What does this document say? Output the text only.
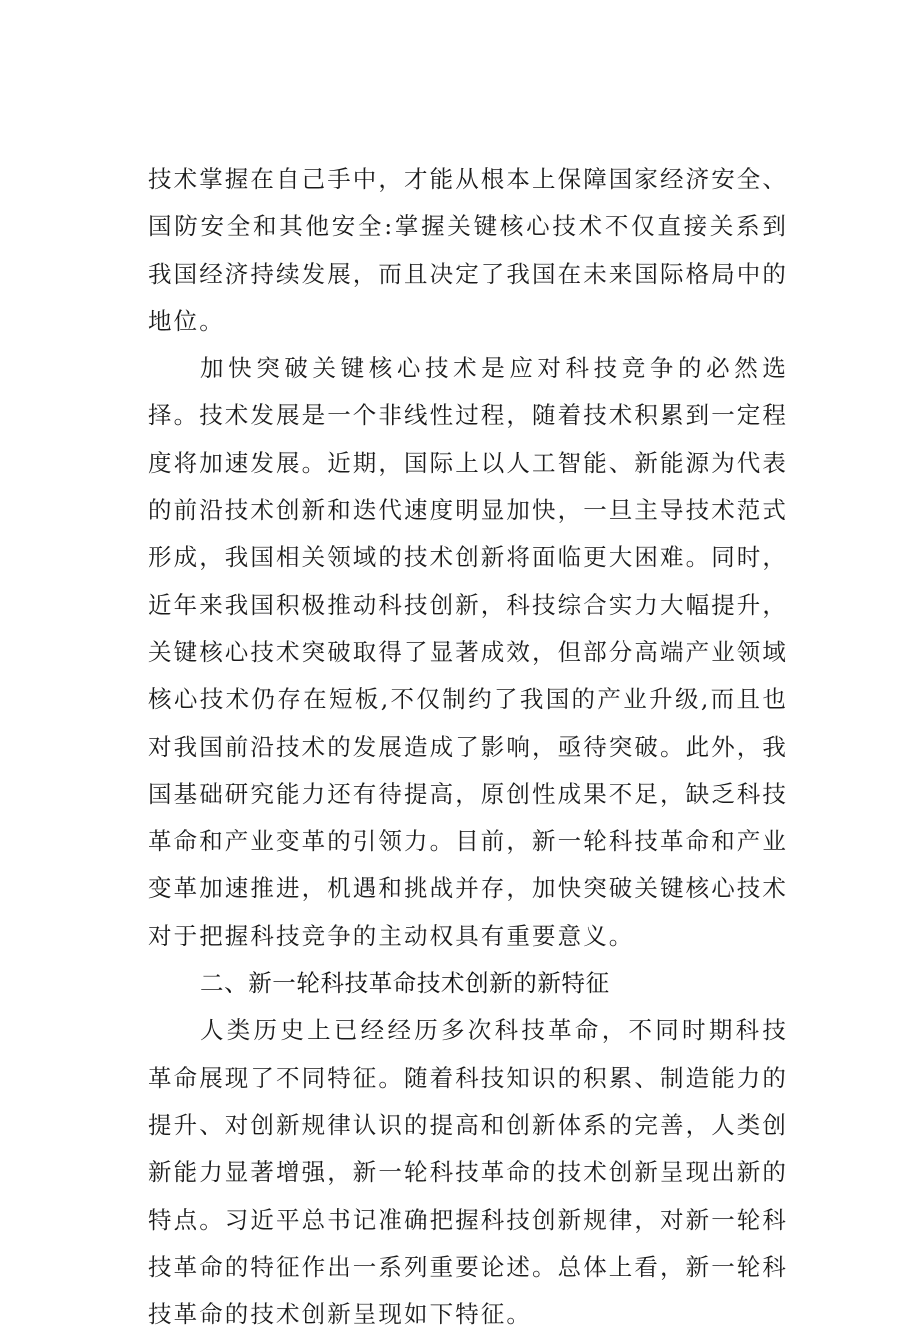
技术掌握在自己手中，才能从根本上保障国家经济安全、国防安全和其他安全:掌握关键核心技术不仅直接关系到我国经济持续发展，而且决定了我国在未来国际格局中的地位。

加快突破关键核心技术是应对科技竞争的必然选择。技术发展是一个非线性过程，随着技术积累到一定程度将加速发展。近期，国际上以人工智能、新能源为代表的前沿技术创新和迭代速度明显加快，一旦主导技术范式形成，我国相关领域的技术创新将面临更大困难。同时，近年来我国积极推动科技创新，科技综合实力大幅提升，关键核心技术突破取得了显著成效，但部分高端产业领域核心技术仍存在短板,不仅制约了我国的产业升级,而且也对我国前沿技术的发展造成了影响，亟待突破。此外，我国基础研究能力还有待提高，原创性成果不足，缺乏科技革命和产业变革的引领力。目前，新一轮科技革命和产业变革加速推进，机遇和挑战并存，加快突破关键核心技术对于把握科技竞争的主动权具有重要意义。

二、新一轮科技革命技术创新的新特征

人类历史上已经经历多次科技革命，不同时期科技革命展现了不同特征。随着科技知识的积累、制造能力的提升、对创新规律认识的提高和创新体系的完善，人类创新能力显著增强，新一轮科技革命的技术创新呈现出新的特点。习近平总书记准确把握科技创新规律，对新一轮科技革命的特征作出一系列重要论述。总体上看，新一轮科技革命的技术创新呈现如下特征。
